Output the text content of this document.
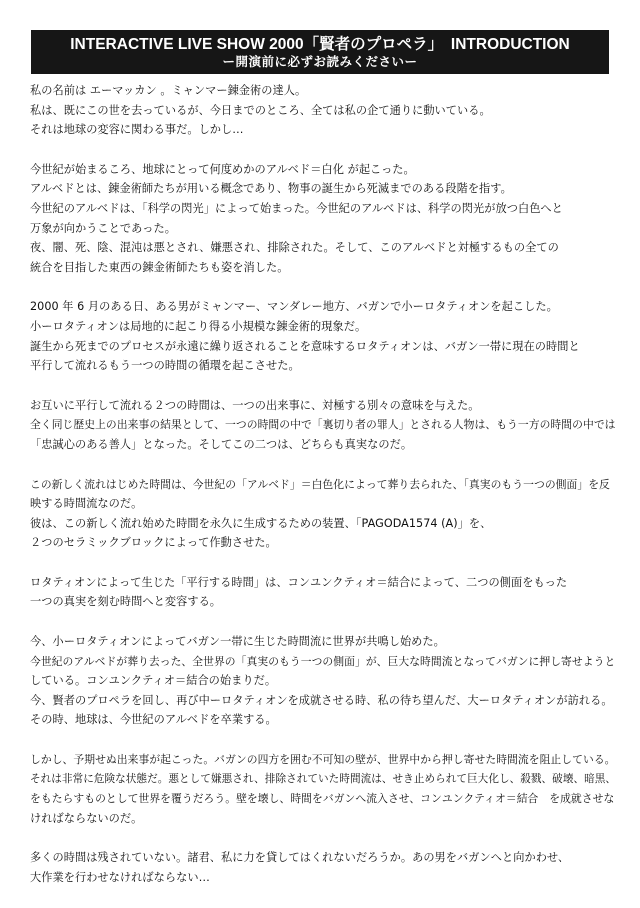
INTERACTIVE LIVE SHOW 2000「賢者のプロペラ」　INTRODUCTION
ー開演前に必ずお読みくださいー
私の名前は エーマッカン 。ミャンマー錬金術の達人。
私は、既にこの世を去っているが、今日までのところ、全ては私の企て通りに動いている。
それは地球の変容に関わる事だ。しかし…
今世紀が始まるころ、地球にとって何度めかのアルベド＝白化 が起こった。
アルベドとは、錬金術師たちが用いる概念であり、物事の誕生から死滅までのある段階を指す。
今世紀のアルベドは、「科学の閃光」によって始まった。今世紀のアルベドは、科学の閃光が放つ白色へと
万象が向かうことであった。
夜、闇、死、陰、混沌は悪とされ、嫌悪され、排除された。そして、このアルベドと対極するもの全ての
統合を目指した東西の錬金術師たちも姿を消した。
2000 年 6 月のある日、ある男がミャンマー、マンダレー地方、バガンで小ーロタティオンを起こした。
小ーロタティオンは局地的に起こり得る小規模な錬金術的現象だ。
誕生から死までのプロセスが永遠に繰り返されることを意味するロタティオンは、バガン一帯に現在の時間と
平行して流れるもう一つの時間の循環を起こさせた。
お互いに平行して流れる２つの時間は、一つの出来事に、対極する別々の意味を与えた。
全く同じ歴史上の出来事の結果として、一つの時間の中で「裏切り者の罪人」とされる人物は、もう一方の時間の中では
「忠誠心のある善人」となった。そしてこの二つは、どちらも真実なのだ。
この新しく流れはじめた時間は、今世紀の「アルベド」＝白色化によって葬り去られた、「真実のもう一つの側面」を反
映する時間流なのだ。
彼は、この新しく流れ始めた時間を永久に生成するための装置、「PAGODA1574 (A)」を、
２つのセラミックブロックによって作動させた。
ロタティオンによって生じた「平行する時間」は、コンユンクティオ＝結合によって、二つの側面をもった
一つの真実を刻む時間へと変容する。
今、小ーロタティオンによってバガン一帯に生じた時間流に世界が共鳴し始めた。
今世紀のアルベドが葬り去った、全世界の「真実のもう一つの側面」が、巨大な時間流となってバガンに押し寄せようと
している。コンユンクティオ＝結合の始まりだ。
今、賢者のプロペラを回し、再び中ーロタティオンを成就させる時、私の待ち望んだ、大ーロタティオンが訪れる。
その時、地球は、今世紀のアルベドを卒業する。
しかし、予期せぬ出来事が起こった。バガンの四方を囲む不可知の壁が、世界中から押し寄せた時間流を阻止している。
それは非常に危険な状態だ。悪として嫌悪され、排除されていた時間流は、せき止められて巨大化し、殺戮、破壊、暗黒、
をもたらすものとして世界を覆うだろう。壁を壊し、時間をバガンへ流入させ、コンユンクティオ＝結合　を成就させな
ければならないのだ。
多くの時間は残されていない。諸君、私に力を貸してはくれないだろうか。あの男をバガンへと向かわせ、
大作業を行わせなければならない…
